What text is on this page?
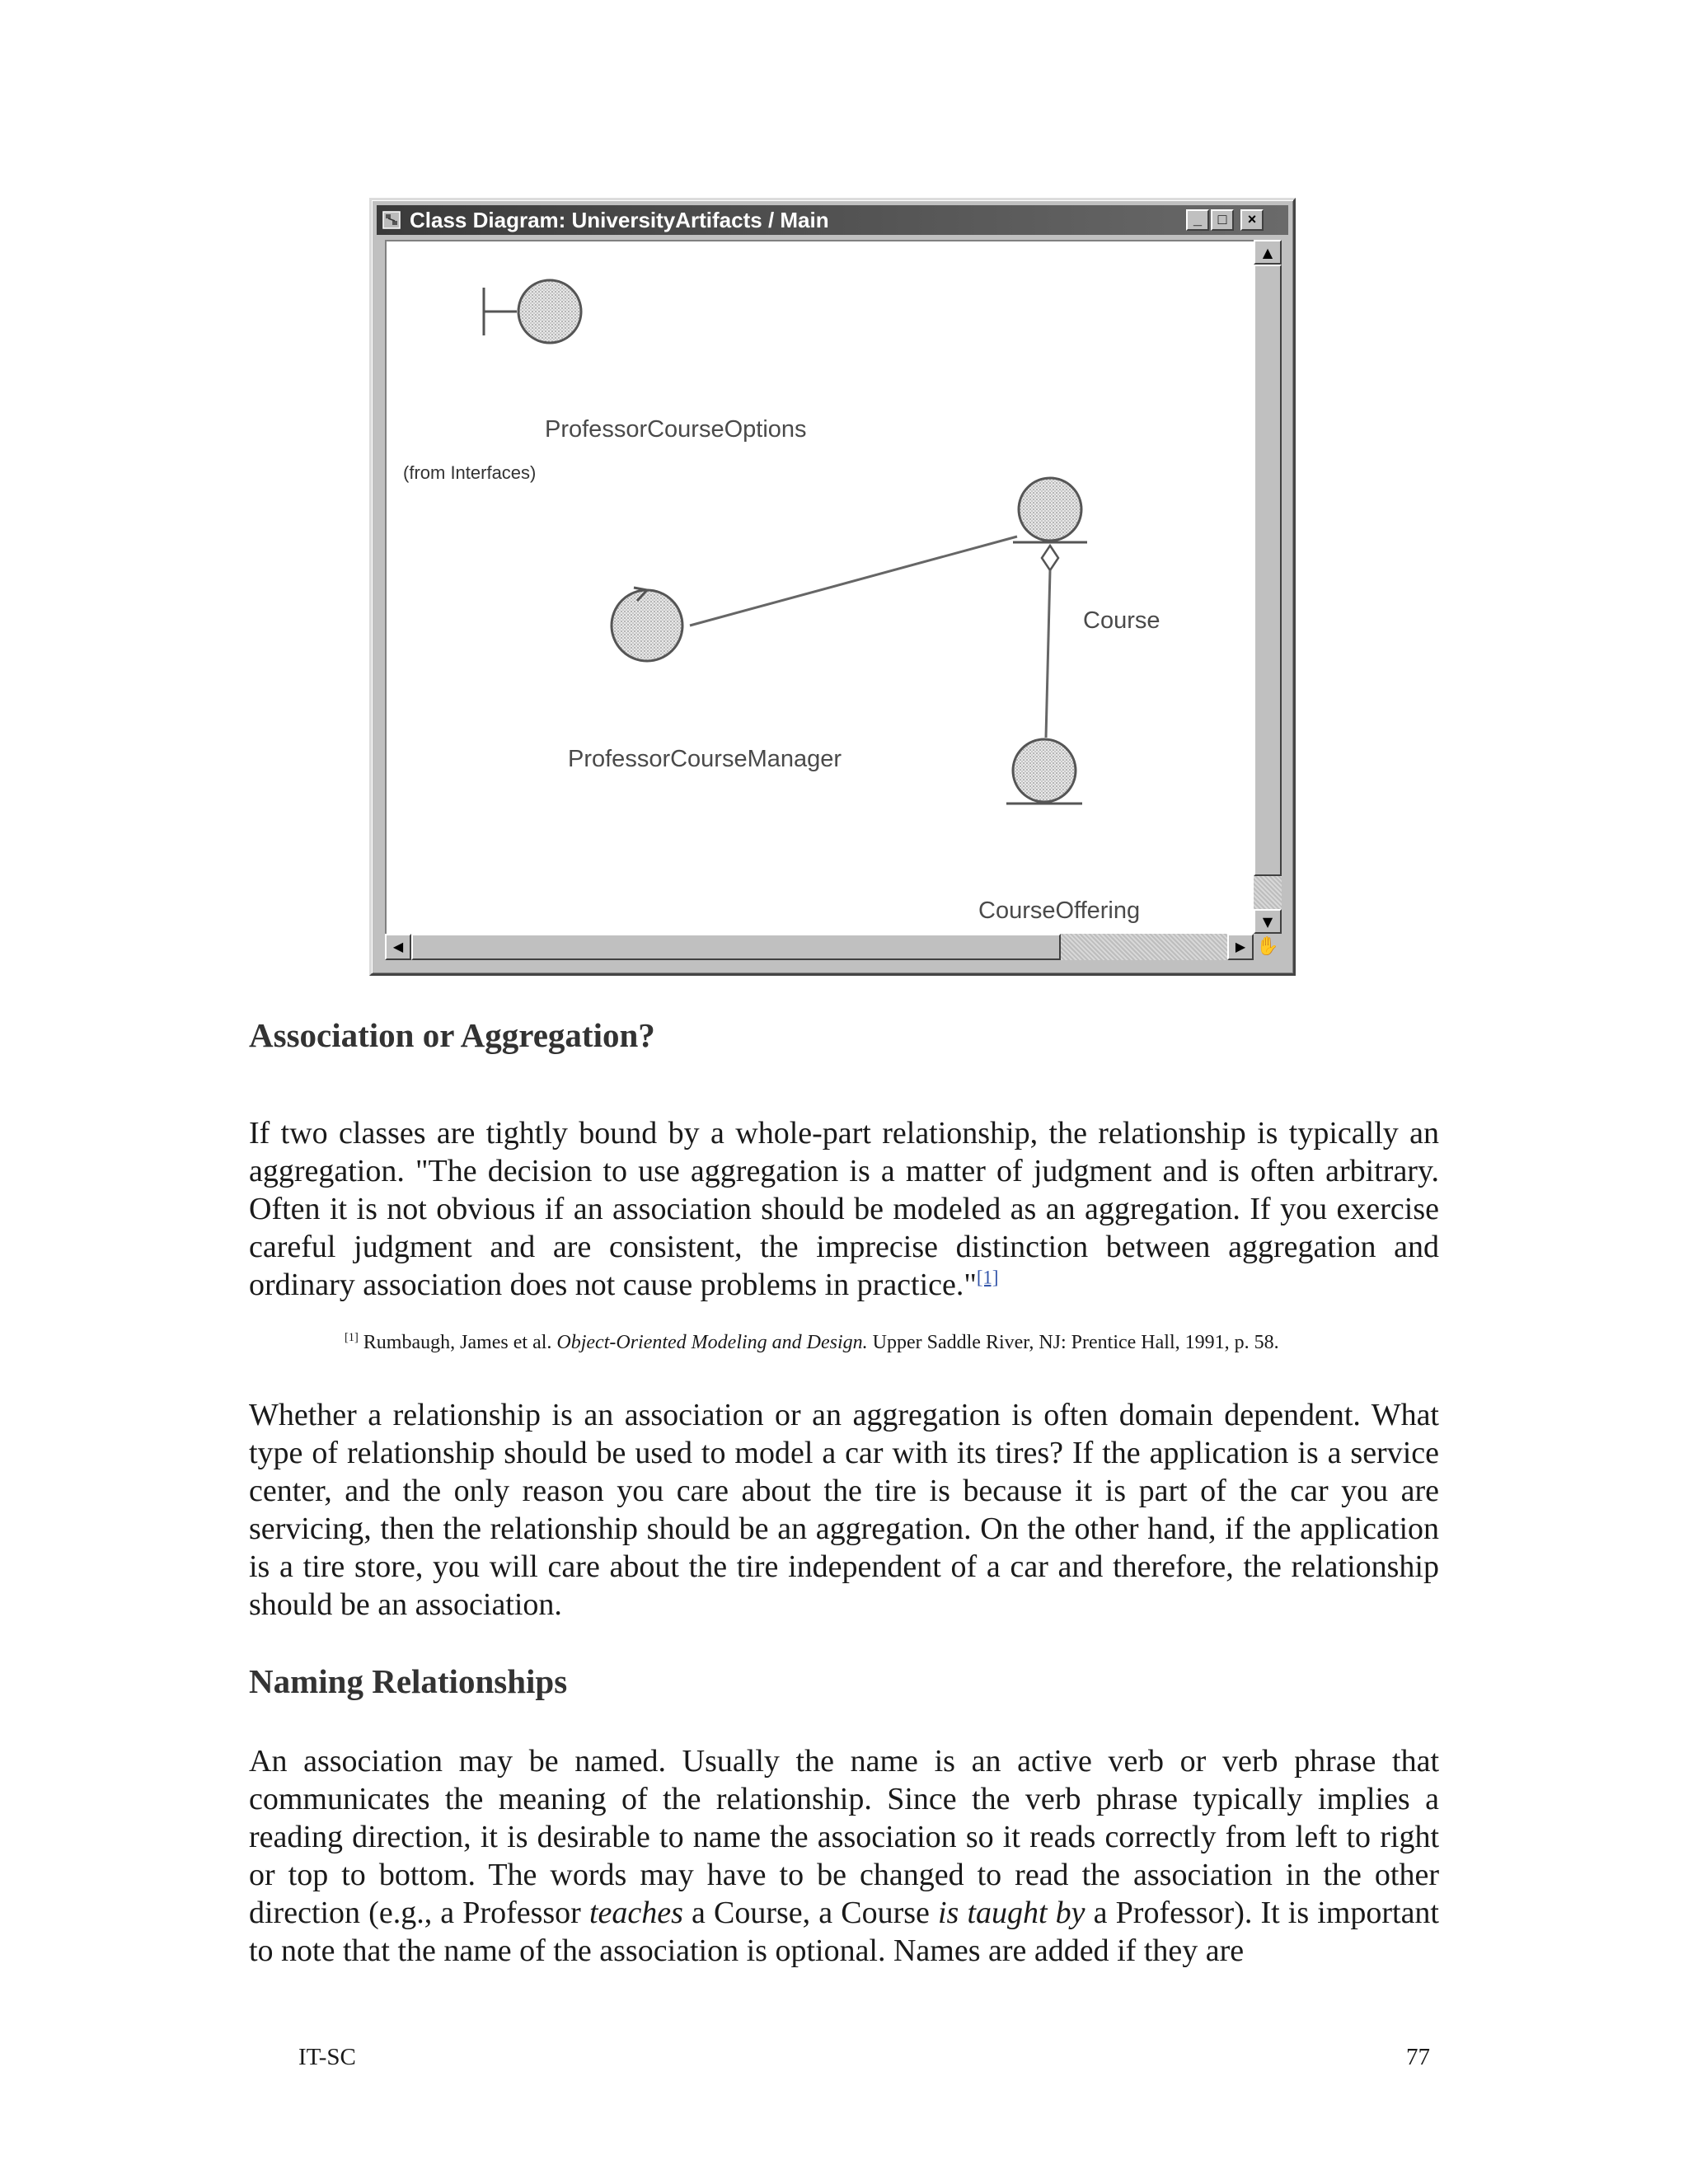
Class Diagram: UniversityArtifacts / Main	_	□	×
ProfessorCourseOptions
(from Interfaces)
ProfessorCourseManager
Course
CourseOffering
▲
▼
◀	▶ ✋
Association or Aggregation?

If two classes are tightly bound by a whole-part relationship, the relationship is typically an aggregation. "The decision to use aggregation is a matter of judgment and is often arbitrary. Often it is not obvious if an association should be modeled as an aggregation. If you exercise careful judgment and are consistent, the imprecise distinction between aggregation and ordinary association does not cause problems in practice."[1]

[1] Rumbaugh, James et al. Object-Oriented Modeling and Design. Upper Saddle River, NJ: Prentice Hall, 1991, p. 58.

Whether a relationship is an association or an aggregation is often domain dependent. What type of relationship should be used to model a car with its tires? If the application is a service center, and the only reason you care about the tire is because it is part of the car you are servicing, then the relationship should be an aggregation. On the other hand, if the application is a tire store, you will care about the tire independent of a car and therefore, the relationship should be an association.

Naming Relationships

An association may be named. Usually the name is an active verb or verb phrase that communicates the meaning of the relationship. Since the verb phrase typically implies a reading direction, it is desirable to name the association so it reads correctly from left to right or top to bottom. The words may have to be changed to read the association in the other direction (e.g., a Professor teaches a Course, a Course is taught by a Professor). It is important to note that the name of the association is optional. Names are added if they are

IT-SC	77
